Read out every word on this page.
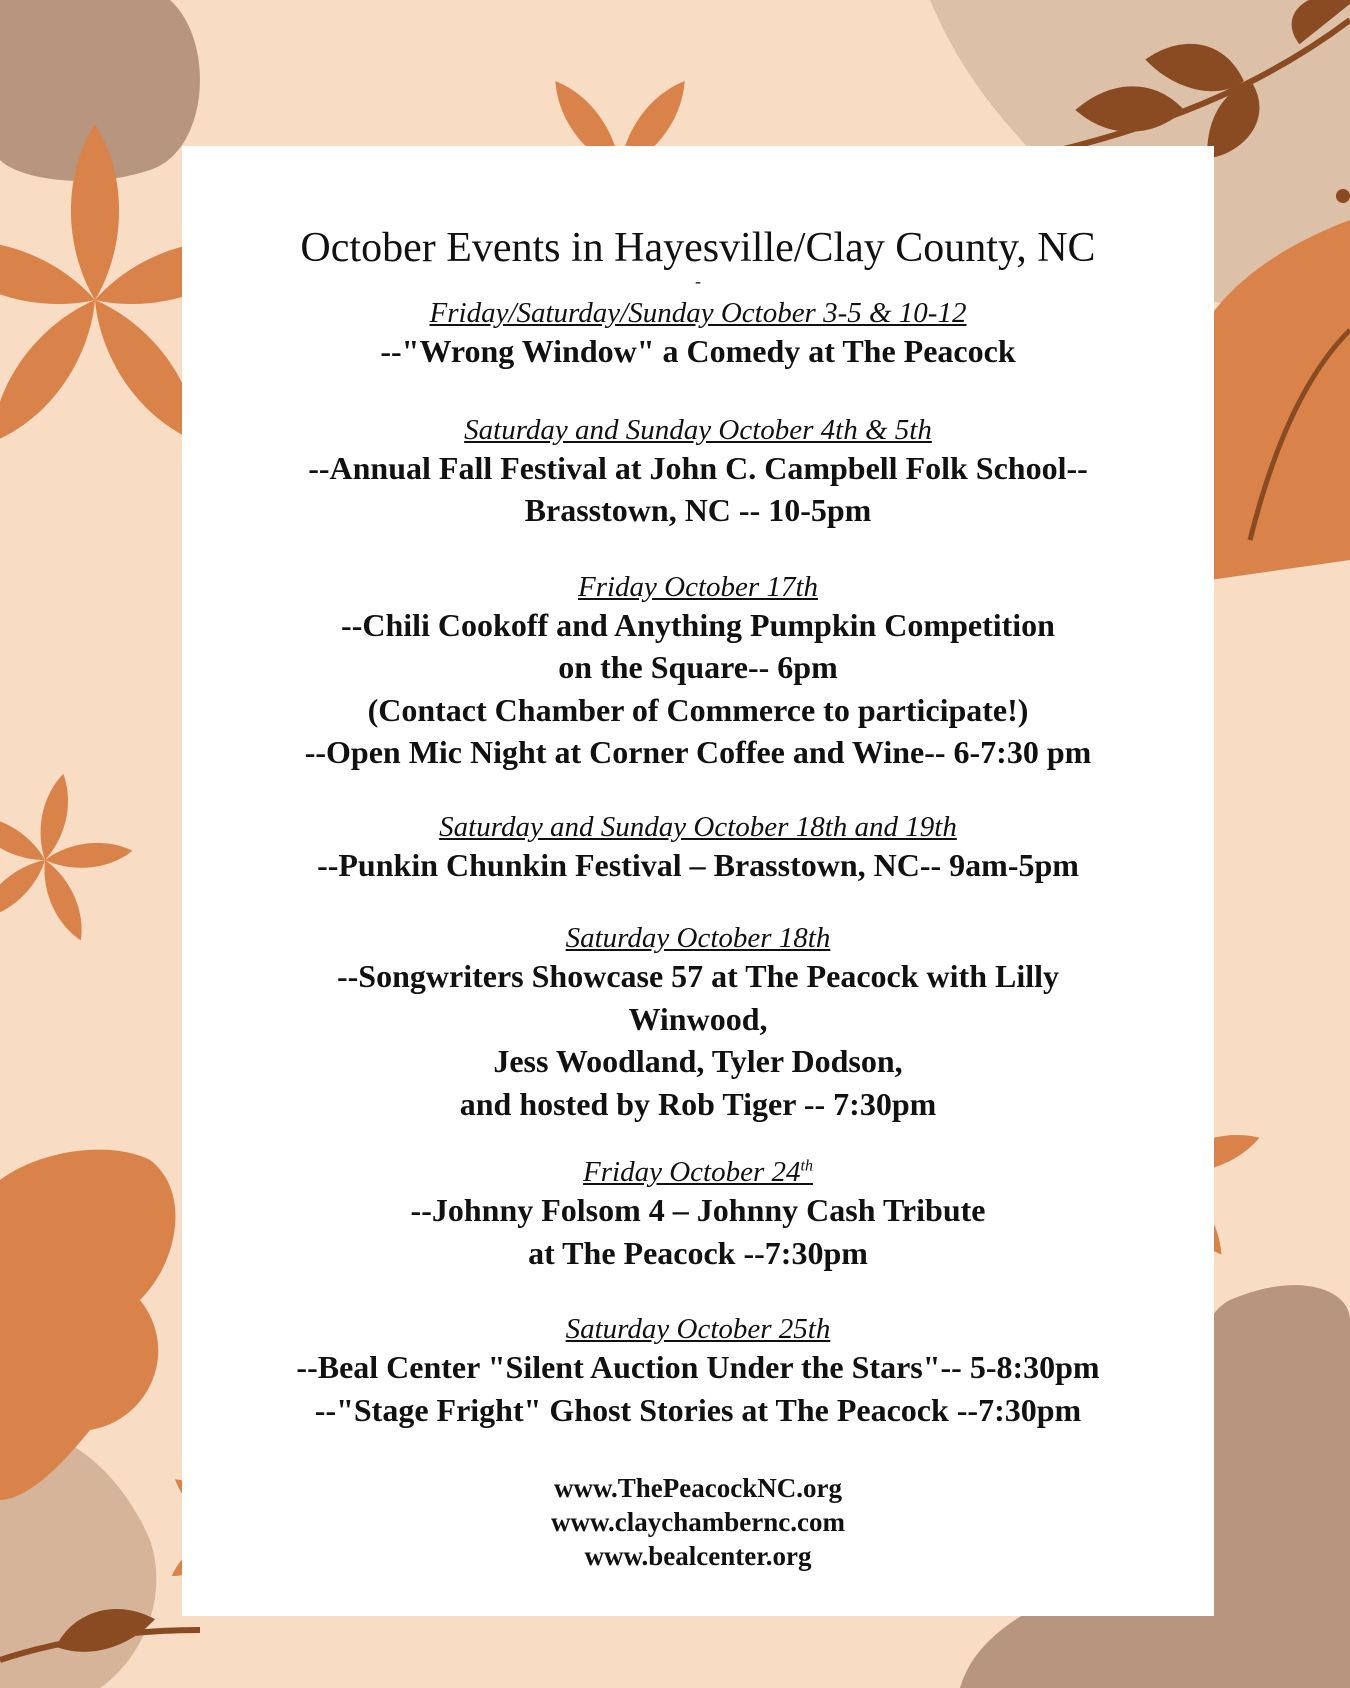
October Events in Hayesville/Clay County, NC

-

Friday/Saturday/Sunday October 3-5 & 10-12

--"Wrong Window" a Comedy at The Peacock

Saturday and Sunday October 4th & 5th

--Annual Fall Festival at John C. Campbell Folk School--

Brasstown, NC -- 10-5pm

Friday October 17th

--Chili Cookoff and Anything Pumpkin Competition

on the Square-- 6pm

(Contact Chamber of Commerce to participate!)

--Open Mic Night at Corner Coffee and Wine-- 6-7:30 pm

Saturday and Sunday October 18th and 19th

--Punkin Chunkin Festival – Brasstown, NC-- 9am-5pm

Saturday October 18th

--Songwriters Showcase 57 at The Peacock with Lilly

Winwood,

Jess Woodland, Tyler Dodson,

and hosted by Rob Tiger -- 7:30pm

Friday October 24th

--Johnny Folsom 4 – Johnny Cash Tribute

at The Peacock --7:30pm

Saturday October 25th

--Beal Center "Silent Auction Under the Stars"-- 5-8:30pm

--"Stage Fright" Ghost Stories at The Peacock --7:30pm

www.ThePeacockNC.org

www.claychambernc.com

www.bealcenter.org
